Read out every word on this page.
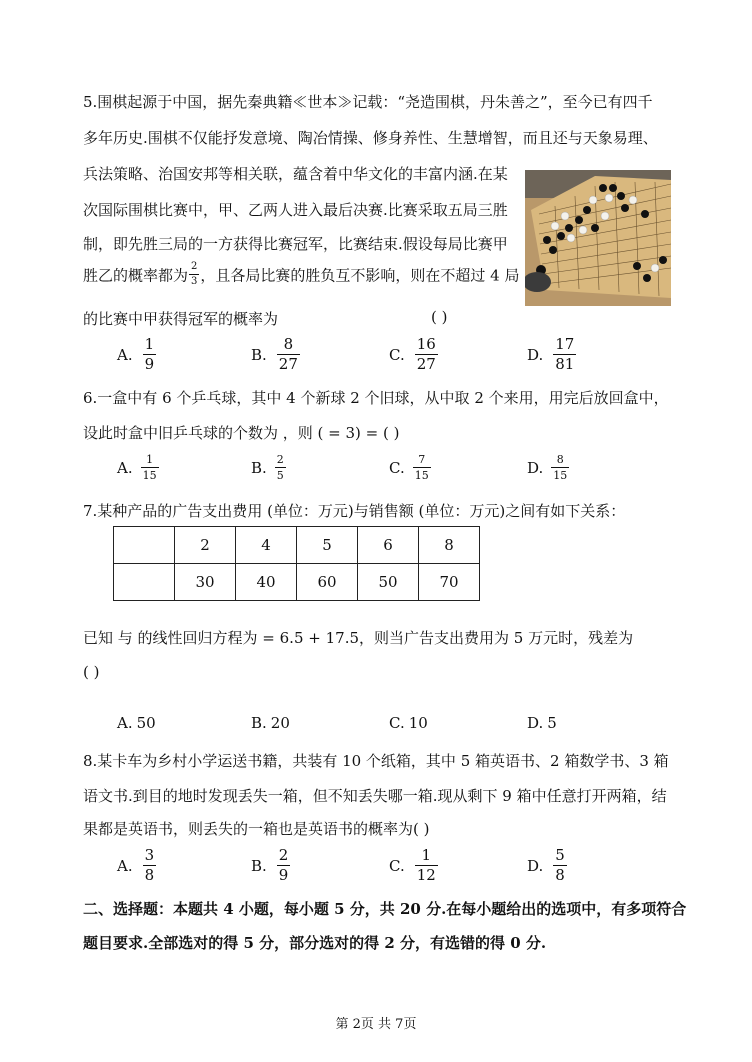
5.围棋起源于中国，据先秦典籍≪世本≫记载：“尧造围棋，丹朱善之”，至今已有四千
多年历史.围棋不仅能抒发意境、陶冶情操、修身养性、生慧增智，而且还与天象易理、
兵法策略、治国安邦等相关联，蕴含着中华文化的丰富内涵.在某
次国际围棋比赛中，甲、乙两人进入最后决赛.比赛采取五局三胜
制，即先胜三局的一方获得比赛冠军，比赛结束.假设每局比赛甲
胜乙的概率都为 $\frac{2}{3}$ ，且各局比赛的胜负互不影响，则在不超过 4 局
的比赛中甲获得冠军的概率为	( )
A. $\frac{1}{9}$	B. $\frac{8}{27}$	C. $\frac{16}{27}$	D. $\frac{17}{81}$
6.一盒中有 6 个乒乓球，其中 4 个新球 2 个旧球，从中取 2 个来用，用完后放回盒中，
设此时盒中旧乒乓球的个数为 ，则 ( = 3) = ( )
A. $\frac{1}{15}$	B. $\frac{2}{5}$	C. $\frac{7}{15}$	D. $\frac{8}{15}$
7.某种产品的广告支出费用 (单位：万元)与销售额 (单位：万元)之间有如下关系：
	2	4	5	6	8
	30	40	60	50	70
已知 与 的线性回归方程为 = 6.5 + 17.5，则当广告支出费用为 5 万元时，残差为
( )
A. 50	B. 20	C. 10	D. 5
8.某卡车为乡村小学运送书籍，共装有 10 个纸箱，其中 5 箱英语书、2 箱数学书、3 箱
语文书.到目的地时发现丢失一箱，但不知丢失哪一箱.现从剩下 9 箱中任意打开两箱，结
果都是英语书，则丢失的一箱也是英语书的概率为( )
A. $\frac{3}{8}$	B. $\frac{2}{9}$	C. $\frac{1}{12}$	D. $\frac{5}{8}$
二、选择题：本题共 4 小题，每小题 5 分，共 20 分.在每小题给出的选项中，有多项符合
题目要求.全部选对的得 5 分，部分选对的得 2 分，有选错的得 0 分.
第 2页 共 7页
